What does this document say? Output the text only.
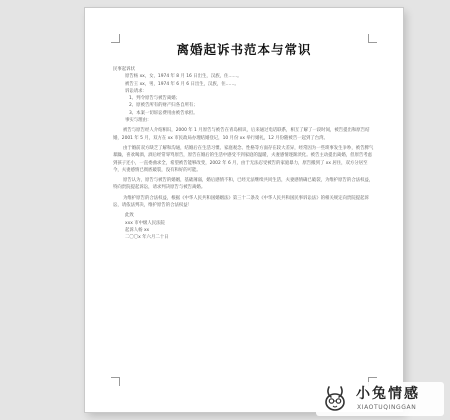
离婚起诉书范本与常识
民事起诉状
原告杨 xx，女，1974 年 8 月 16 日出生，汉族，住……。
被告王 xx，男，1974 年 6 月 6 日出生，汉族，住……。
诉讼请求：
1、判令原告与被告离婚；
2、原被告所有的财产归各自所有；
3、本案一切诉讼费用由被告承担。
事实与理由：

被告与原告经人介绍相识，2000 年 1 月原告与被告在青岛相识，后来通过电话联系，相互了解了一段时间，被告提出和原告结婚，2001 年 5 月，双方在 xx 市民政局办理结婚登记，10 月份 xx 举行婚礼，12 月份随被告一起到了台湾。

由于婚前双方缺乏了解和沟通，结婚后在生活习惯、家庭观念、性格等方面存在较大差异，经常因为一些琐事发生争吵，被告脾气暴躁，喜欢喝酒，酒后经常辱骂原告，原告在婚后的生活中感受不到家庭的温暖，夫妻感情逐渐淡化。被告主动提出离婚，但原告考虑到孩子还小，一直委曲求全，希望被告能够改变，2002 年 6 月，由于无法忍受被告的家庭暴力，原告搬到了 xx 居住，双方分居至今，夫妻感情已彻底破裂，没有和好的可能。

原告认为，原告与被告的婚姻，基础薄弱，婚后感情不和，已经无法继续共同生活，夫妻感情确已破裂，为维护原告的合法权益，特向贵院提起诉讼，请求判决原告与被告离婚。

为维护原告的合法权益，根据《中华人民共和国婚姻法》第三十二条及《中华人民共和国民事诉讼法》的相关规定向贵院提起诉讼，请依法判决，维护原告的合法权益！

此致
xxx 市中级人民法院
起诉人杨 xx
二〇〇x 年六月二十日
小兔情感
XIAOTUQINGGAN
